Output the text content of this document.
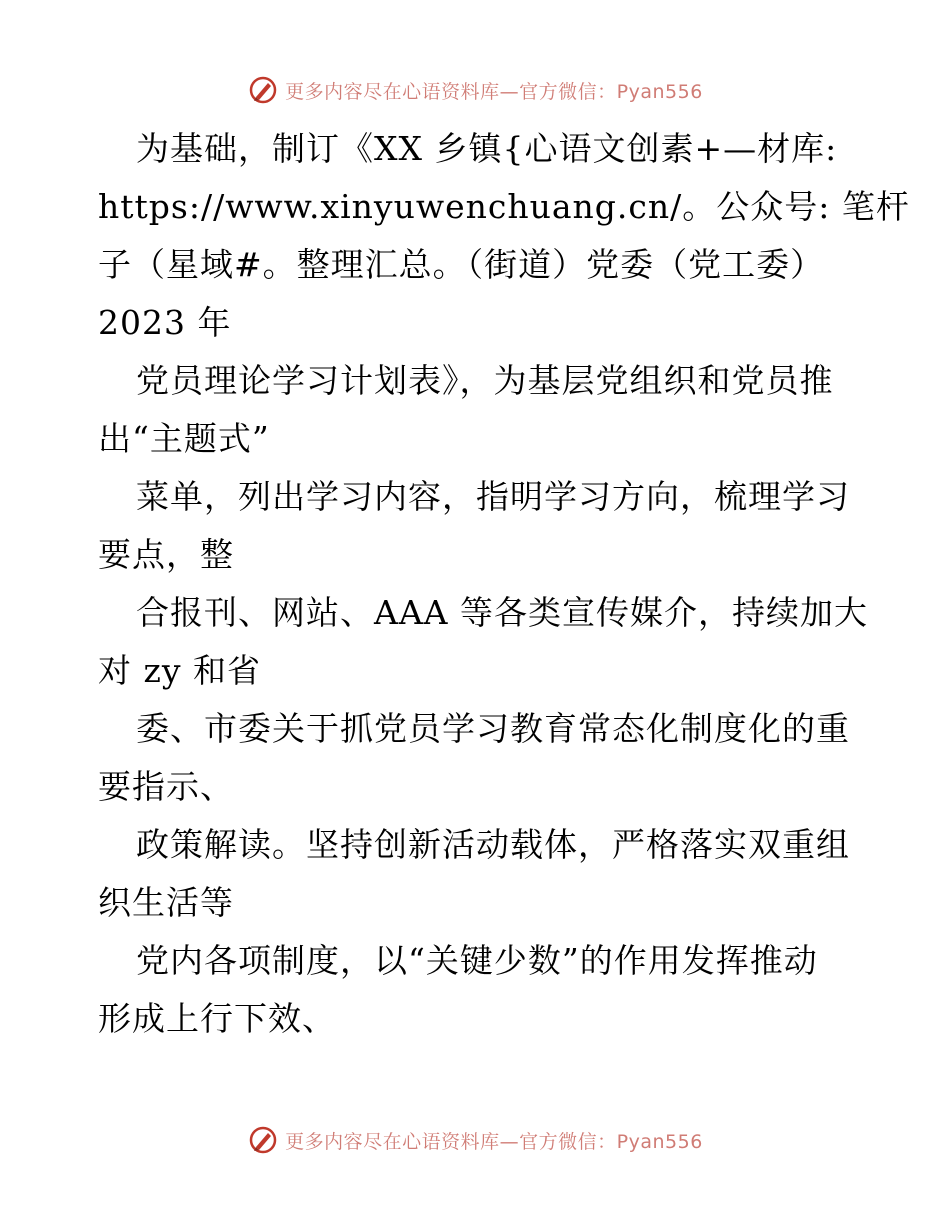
更多内容尽在心语资料库—官方微信：Pyan556
为基础，制订《XX 乡镇{心语文创素+—材库:
https://www.xinyuwenchuang.cn/。公众号: 笔杆
子（星域#。整理汇总。（街道）党委（党工委）
2023 年
党员理论学习计划表》，为基层党组织和党员推
出“主题式”
菜单，列出学习内容，指明学习方向，梳理学习
要点，整
合报刊、网站、AAA 等各类宣传媒介，持续加大
对 zy 和省
委、市委关于抓党员学习教育常态化制度化的重
要指示、
政策解读。坚持创新活动载体，严格落实双重组
织生活等
党内各项制度，以“关键少数”的作用发挥推动
形成上行下效、
更多内容尽在心语资料库—官方微信：Pyan556
